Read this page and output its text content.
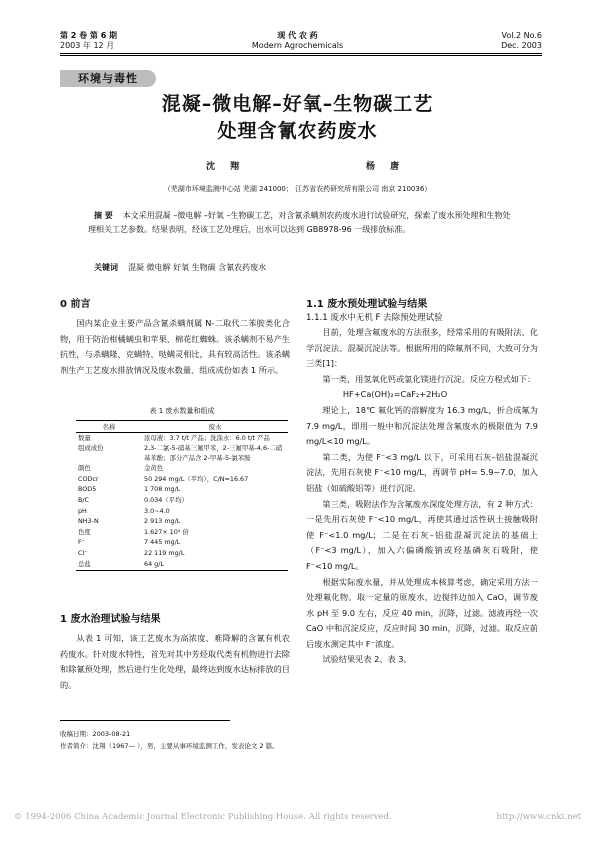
第 2 卷 第 6 期
2003 年 12 月
现 代 农 药
Modern Agrochemicals
Vol.2 No.6
Dec. 2003
环境与毒性
混凝–微电解–好氧–生物碳工艺
处理含氰农药废水
沈 翔	杨 唐
（芜湖市环境监测中心站 芜湖 241000； 江苏省农药研究所有限公司 南京 210036）
摘 要 本文采用混凝 –微电解 –好氧 –生物碳工艺，对含氰杀螨剂农药废水进行试验研究，探索了废水预处理和生物处理相关工艺参数。结果表明，经该工艺处理后，出水可以达到 GB8978-96 一级排放标准。
关键词 混凝 微电解 好氧 生物碳 含氰农药废水
0 前言

国内某企业主要产品含氰杀螨剂属 N-二取代二苯胺类化合物，用于防治柑橘螨虫和苹果、棉花红蜘蛛。该杀螨剂不易产生抗性，与杀螨隆、克螨特、哒螨灵相比，具有较高活性。该杀螨剂生产工艺废水排放情况及废水数量、组成成份如表 1 所示。

表 1 废水数量和组成
名称	废水
数量	浓母液：3.7 t/t 产品；洗涤水：6.0 t/t 产品
组成成份	2,3-二氯-5-硝基三氟甲苯，2-三氟甲基-4,6-二硝基苯酚；部分产品含 2-甲基-5-氯苯胺
颜色	金黄色
CODcr	50 294 mg/L（平均），C/N=16.67
BOD5	1 708 mg/L
B/C	0.034（平均）
pH	3.0~4.0
NH3-N	2 913 mg/L
色度	1.627× 10⁵ 倍
F⁻	7 445 mg/L
Cl⁻	22 119 mg/L
总盐	64 g/L
1 废水治理试验与结果

从表 1 可知，该工艺废水为高浓度、难降解的含氰有机农药废水。针对废水特性，首先对其中芳烃取代类有机物进行去除和除氰预处理，然后进行生化处理，最终达到废水达标排放的目的。

1.1 废水预处理试验与结果
1.1.1 废水中无机 F 去除预处理试验

目前，处理含氟废水的方法很多，经常采用的有吸附法、化学沉淀法、混凝沉淀法等。根据所用的除氟剂不同，大致可分为三类[1]：

第一类，用氢氧化钙或氯化镁进行沉淀。反应方程式如下：

HF+Ca(OH)₂=CaF₂+2H₂O

理论上，18℃ 氟化钙的溶解度为 16.3 mg/L，折合成氟为 7.9 mg/L，即用一般中和沉淀法处理含氟废水的极限值为 7.9 mg/L<10 mg/L。

第二类，为使 F⁻<3 mg/L 以下，可采用石灰–铝盐混凝沉淀法，先用石灰使 F⁻<10 mg/L，再调节 pH= 5.9~7.0，加入铝盐（如硫酸铝等）进行沉淀。

第三类，吸附法作为含氟废水深度处理方法，有 2 种方式：一是先用石灰使 F⁻<10 mg/L，再使其通过活性矾土接触吸附使 F⁻<1.0 mg/L；二是在石灰–铝盐混凝沉淀法的基础上（F⁻<3 mg/L），加入六偏磷酸钠或羟基磷灰石吸附，使 F⁻<10 mg/L。

根据实际废水量，并从处理成本核算考虑，确定采用方法一处理氟化物。取一定量的原废水，边搅拌边加入 CaO，调节废水 pH 至 9.0 左右，反应 40 min，沉降，过滤。滤液再经一次 CaO 中和沉淀反应，反应时间 30 min，沉降，过滤。取反应前后废水测定其中 F⁻浓度。

试验结果见表 2、表 3。

收稿日期：2003-08-21
作者简介：沈翔（1967— ），男，主要从事环境监测工作，发表论文 2 篇。
© 1994-2006 China Academic Journal Electronic Publishing House. All rights reserved.	http://www.cnki.net
